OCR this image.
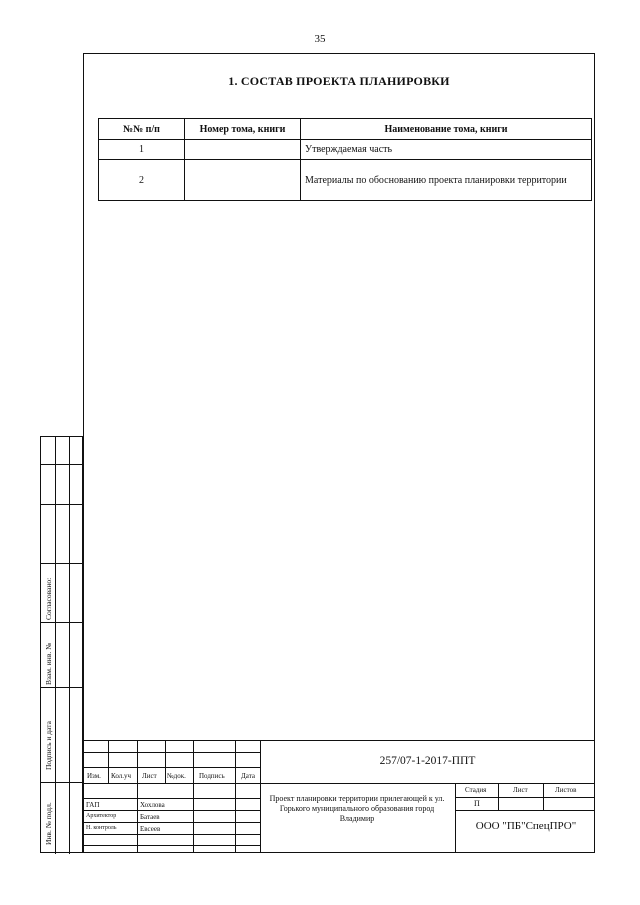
35
1. СОСТАВ ПРОЕКТА ПЛАНИРОВКИ
№№ п/п	Номер тома, книги	Наименование тома, книги
1		Утверждаемая часть
2		Материалы по обоснованию проекта планировки территории
Согласовано:
Взам. инв. №
Подпись и дата
Инв. № подл.
Изм. Кол.уч Лист №док. Подпись Дата
ГАП	Хохлова
Архитектор	Батаев
Н. контроль	Евсеев
257/07-1-2017-ППТ
Проект планировки территории прилегающей к ул. Горького муниципального образования город Владимир
Стадия	Лист	Листов
П
ООО "ПБ"СпецПРО"
